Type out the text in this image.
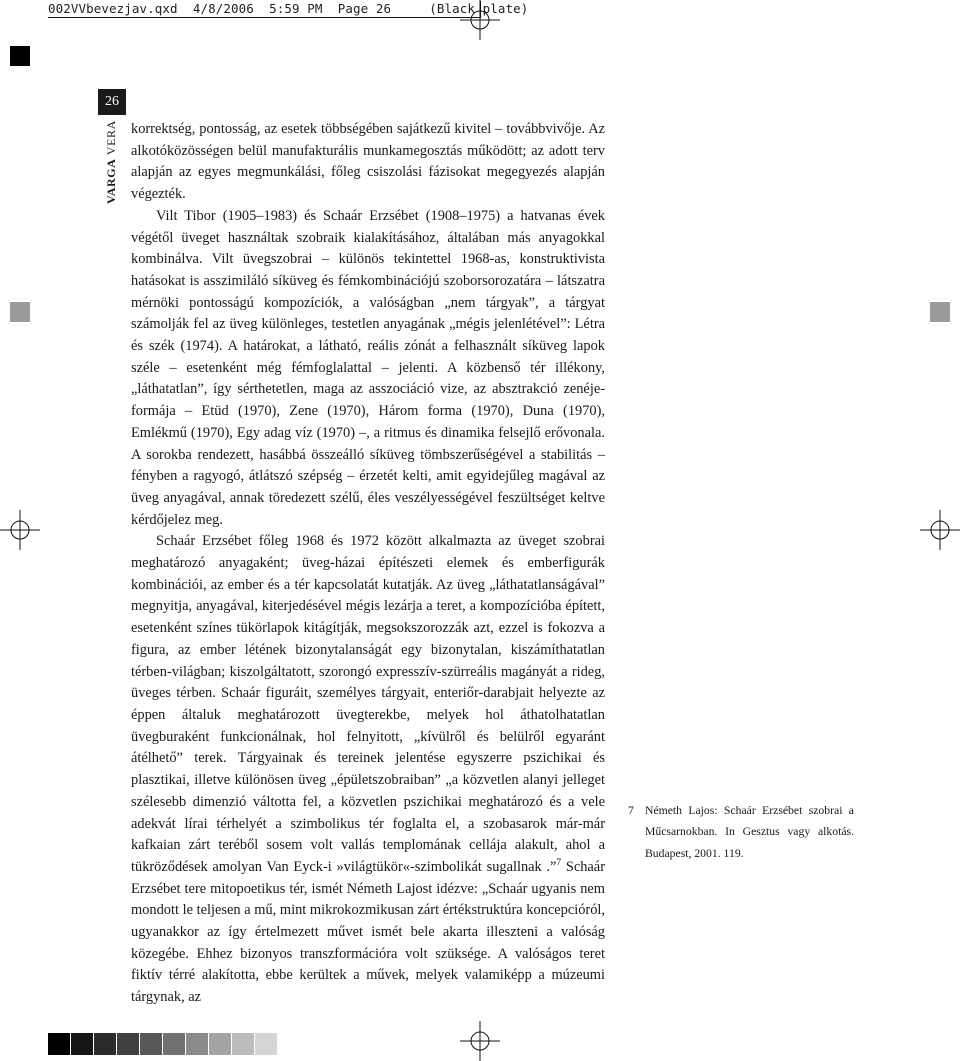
002VVbevezjav.qxd  4/8/2006  5:59 PM  Page 26     (Black plate)
26
VARGA VERA korrektség, pontosság, az esetek többségében sajátkezű kivitel – továbbvivője. Az alkotóközösségen belül manufakturális munkamegosztás működött; az adott terv alapján az egyes megmunkálási, főleg csiszolási fázisokat megegyezés alapján végezték.

Vilt Tibor (1905–1983) és Schaár Erzsébet (1908–1975) a hatvanas évek végétől üveget használtak szobraik kialakításához, általában más anyagokkal kombinálva. Vilt üvegszobrai – különös tekintettel 1968-as, konstruktivista hatásokat is asszimiláló síküveg és fémkombinációjú szoborsorozatára – látszatra mérnöki pontosságú kompozíciók, a valóságban „nem tárgyak”, a tárgyat számolják fel az üveg különleges, testetlen anyagának „mégis jelenlétével”: Létra és szék (1974). A határokat, a látható, reális zónát a felhasznált síküveg lapok széle – esetenként még fémfoglalattal – jelenti. A közbenső tér illékony, „láthatatlan”, így sérthetetlen, maga az asszociáció vize, az absztrakció zenéje-formája – Etüd (1970), Zene (1970), Három forma (1970), Duna (1970), Emlékmű (1970), Egy adag víz (1970) –, a ritmus és dinamika felsejlő erővonala. A sorokba rendezett, hasábbá összeálló síküveg tömbszerűségével a stabilitás – fényben a ragyogó, átlátszó szépség – érzetét kelti, amit egyidejűleg magával az üveg anyagával, annak töredezett szélű, éles veszélyességével feszültséget keltve kérdőjelez meg.

Schaár Erzsébet főleg 1968 és 1972 között alkalmazta az üveget szobrai meghatározó anyagaként; üveg-házai építészeti elemek és emberfigurák kombinációi, az ember és a tér kapcsolatát kutatják. Az üveg „láthatatlanságával” megnyitja, anyagával, kiterjedésével mégis lezárja a teret, a kompozícióba épített, esetenként színes tükörlapok kitágítják, megsokszorozzák azt, ezzel is fokozva a figura, az ember létének bizonytalanságát egy bizonytalan, kiszámíthatatlan térben-világban; kiszolgáltatott, szorongó expresszív-szürreális magányát a rideg, üveges térben. Schaár figuráit, személyes tárgyait, enteriőr-darabjait helyezte az éppen általuk meghatározott üvegterekbe, melyek hol áthatolhatatlan üvegburaként funkcionálnak, hol felnyitott, „kívülről és belülről egyaránt átélhető” terek. Tárgyainak és tereinek jelentése egyszerre pszichikai és plasztikai, illetve különösen üveg „épületszobraiban” „a közvetlen alanyi jelleget szélesebb dimenzió váltotta fel, a közvetlen pszichikai meghatározó és a vele adekvát lírai térhelyét a szimbolikus tér foglalta el, a szobasarok már-már kafkaian zárt teréből sosem volt vallás templomának cellája alakult, ahol a tükröződések amolyan Van Eyck-i »világtükör«-szimbolikát sugallnak .”$^7$ Schaár Erzsébet tere mitopoetikus tér, ismét Németh Lajost idézve: „Schaár ugyanis nem mondott le teljesen a mű, mint mikrokozmikusan zárt értékstruktúra koncepcióról, ugyanakkor az így értelmezett művet ismét bele akarta illeszteni a valóság közegébe. Ehhez bizonyos transzformációra volt szüksége. A valóságos teret fiktív térré alakította, ebbe kerültek a művek, melyek valamiképp a múzeumi tárgynak, az

7 Németh Lajos: Schaár Erzsébet szobrai a Műcsarnokban. In Gesztus vagy alkotás. Budapest, 2001. 119.
